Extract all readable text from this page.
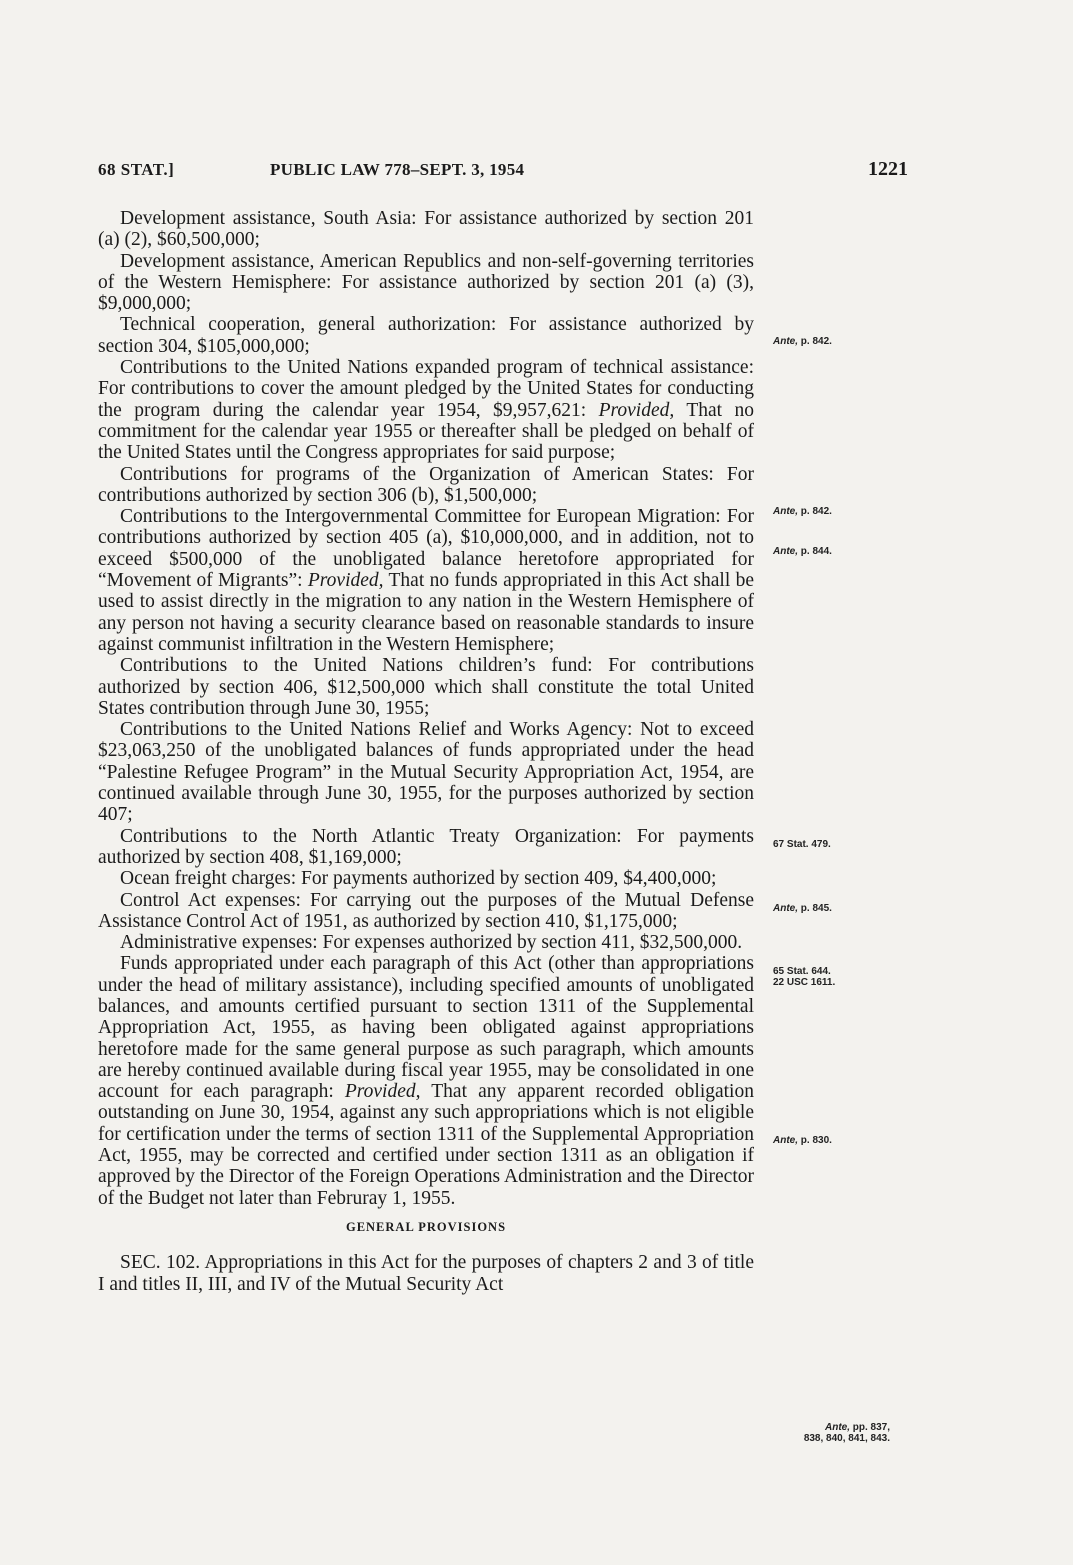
68 STAT.]	PUBLIC LAW 778–SEPT. 3, 1954	1221

Development assistance, South Asia: For assistance authorized by section 201 (a) (2), $60,500,000;

Development assistance, American Republics and non-self-governing territories of the Western Hemisphere: For assistance authorized by section 201 (a) (3), $9,000,000;

Technical cooperation, general authorization: For assistance authorized by section 304, $105,000,000;

Contributions to the United Nations expanded program of technical assistance: For contributions to cover the amount pledged by the United States for conducting the program during the calendar year 1954, $9,957,621: Provided, That no commitment for the calendar year 1955 or thereafter shall be pledged on behalf of the United States until the Congress appropriates for said purpose;

Contributions for programs of the Organization of American States: For contributions authorized by section 306 (b), $1,500,000;

Contributions to the Intergovernmental Committee for European Migration: For contributions authorized by section 405 (a), $10,000,000, and in addition, not to exceed $500,000 of the unobligated balance heretofore appropriated for “Movement of Migrants”: Provided, That no funds appropriated in this Act shall be used to assist directly in the migration to any nation in the Western Hemisphere of any person not having a security clearance based on reasonable standards to insure against communist infiltration in the Western Hemisphere;

Contributions to the United Nations children’s fund: For contributions authorized by section 406, $12,500,000 which shall constitute the total United States contribution through June 30, 1955;

Contributions to the United Nations Relief and Works Agency: Not to exceed $23,063,250 of the unobligated balances of funds appropriated under the head “Palestine Refugee Program” in the Mutual Security Appropriation Act, 1954, are continued available through June 30, 1955, for the purposes authorized by section 407;

Contributions to the North Atlantic Treaty Organization: For payments authorized by section 408, $1,169,000;

Ocean freight charges: For payments authorized by section 409, $4,400,000;

Control Act expenses: For carrying out the purposes of the Mutual Defense Assistance Control Act of 1951, as authorized by section 410, $1,175,000;

Administrative expenses: For expenses authorized by section 411, $32,500,000.

Funds appropriated under each paragraph of this Act (other than appropriations under the head of military assistance), including specified amounts of unobligated balances, and amounts certified pursuant to section 1311 of the Supplemental Appropriation Act, 1955, as having been obligated against appropriations heretofore made for the same general purpose as such paragraph, which amounts are hereby continued available during fiscal year 1955, may be consolidated in one account for each paragraph: Provided, That any apparent recorded obligation outstanding on June 30, 1954, against any such appropriations which is not eligible for certification under the terms of section 1311 of the Supplemental Appropriation Act, 1955, may be corrected and certified under section 1311 as an obligation if approved by the Director of the Foreign Operations Administration and the Director of the Budget not later than Februray 1, 1955.

GENERAL PROVISIONS

SEC. 102. Appropriations in this Act for the purposes of chapters 2 and 3 of title I and titles II, III, and IV of the Mutual Security Act

Ante, p. 842.
Ante, p. 842.
Ante, p. 844.
67 Stat. 479.
Ante, p. 845.
65 Stat. 644.
22 USC 1611.
Ante, p. 830.
Ante, pp. 837,
838, 840, 841, 843.
